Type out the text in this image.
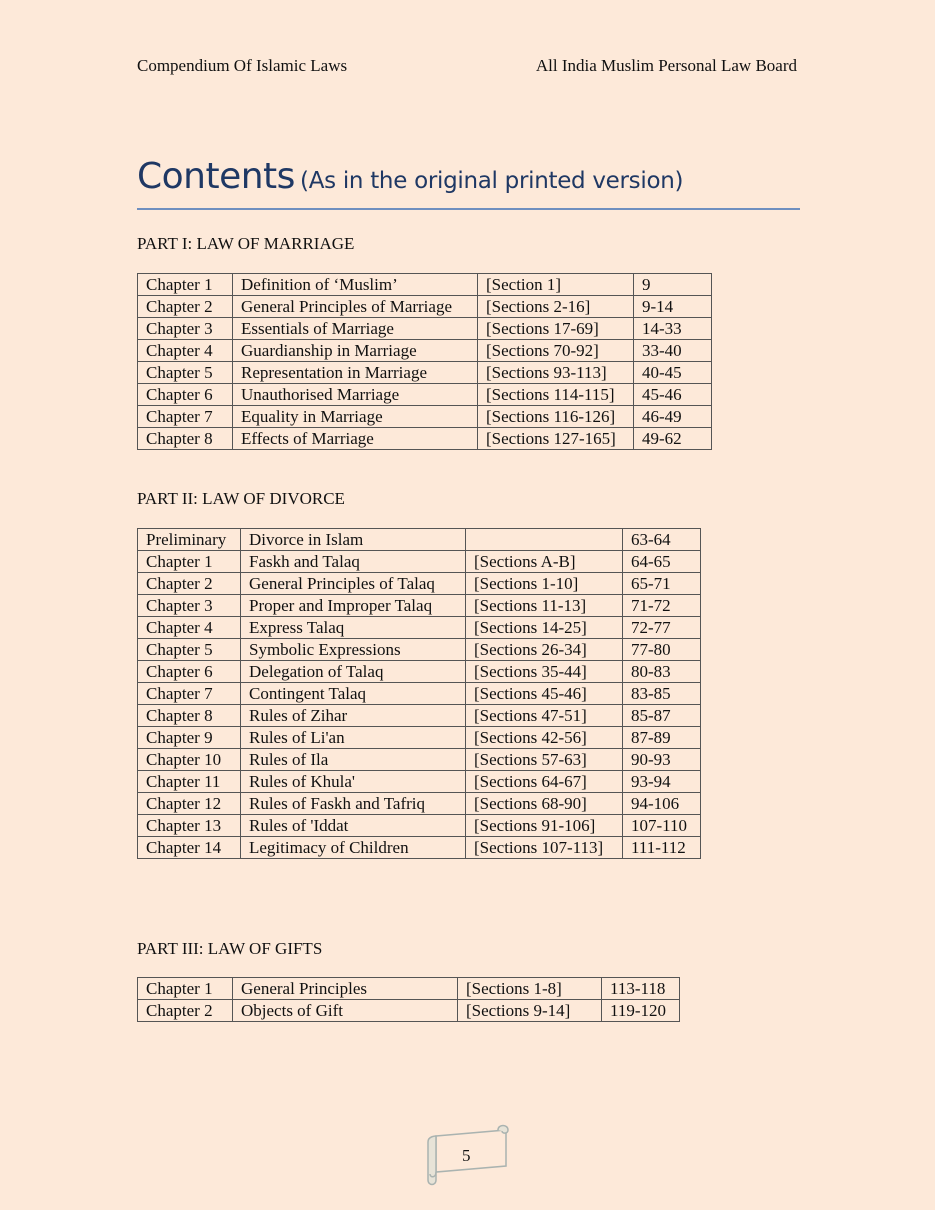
Compendium Of Islamic Laws	All India Muslim Personal Law Board
Contents (As in the original printed version)
PART I: LAW OF MARRIAGE
Chapter 1	Definition of ‘Muslim’	[Section 1]	9
Chapter 2	General Principles of Marriage	[Sections 2-16]	9-14
Chapter 3	Essentials of Marriage	[Sections 17-69]	14-33
Chapter 4	Guardianship in Marriage	[Sections 70-92]	33-40
Chapter 5	Representation in Marriage	[Sections 93-113]	40-45
Chapter 6	Unauthorised Marriage	[Sections 114-115]	45-46
Chapter 7	Equality in Marriage	[Sections 116-126]	46-49
Chapter 8	Effects of Marriage	[Sections 127-165]	49-62
PART II: LAW OF DIVORCE
Preliminary	Divorce in Islam		63-64
Chapter 1	Faskh and Talaq	[Sections A-B]	64-65
Chapter 2	General Principles of Talaq	[Sections 1-10]	65-71
Chapter 3	Proper and Improper Talaq	[Sections 11-13]	71-72
Chapter 4	Express Talaq	[Sections 14-25]	72-77
Chapter 5	Symbolic Expressions	[Sections 26-34]	77-80
Chapter 6	Delegation of Talaq	[Sections 35-44]	80-83
Chapter 7	Contingent Talaq	[Sections 45-46]	83-85
Chapter 8	Rules of Zihar	[Sections 47-51]	85-87
Chapter 9	Rules of Li'an	[Sections 42-56]	87-89
Chapter 10	Rules of Ila	[Sections 57-63]	90-93
Chapter 11	Rules of Khula'	[Sections 64-67]	93-94
Chapter 12	Rules of Faskh and Tafriq	[Sections 68-90]	94-106
Chapter 13	Rules of 'Iddat	[Sections 91-106]	107-110
Chapter 14	Legitimacy of Children	[Sections 107-113]	111-112
PART III: LAW OF GIFTS
Chapter 1	General Principles	[Sections 1-8]	113-118
Chapter 2	Objects of Gift	[Sections 9-14]	119-120
5
